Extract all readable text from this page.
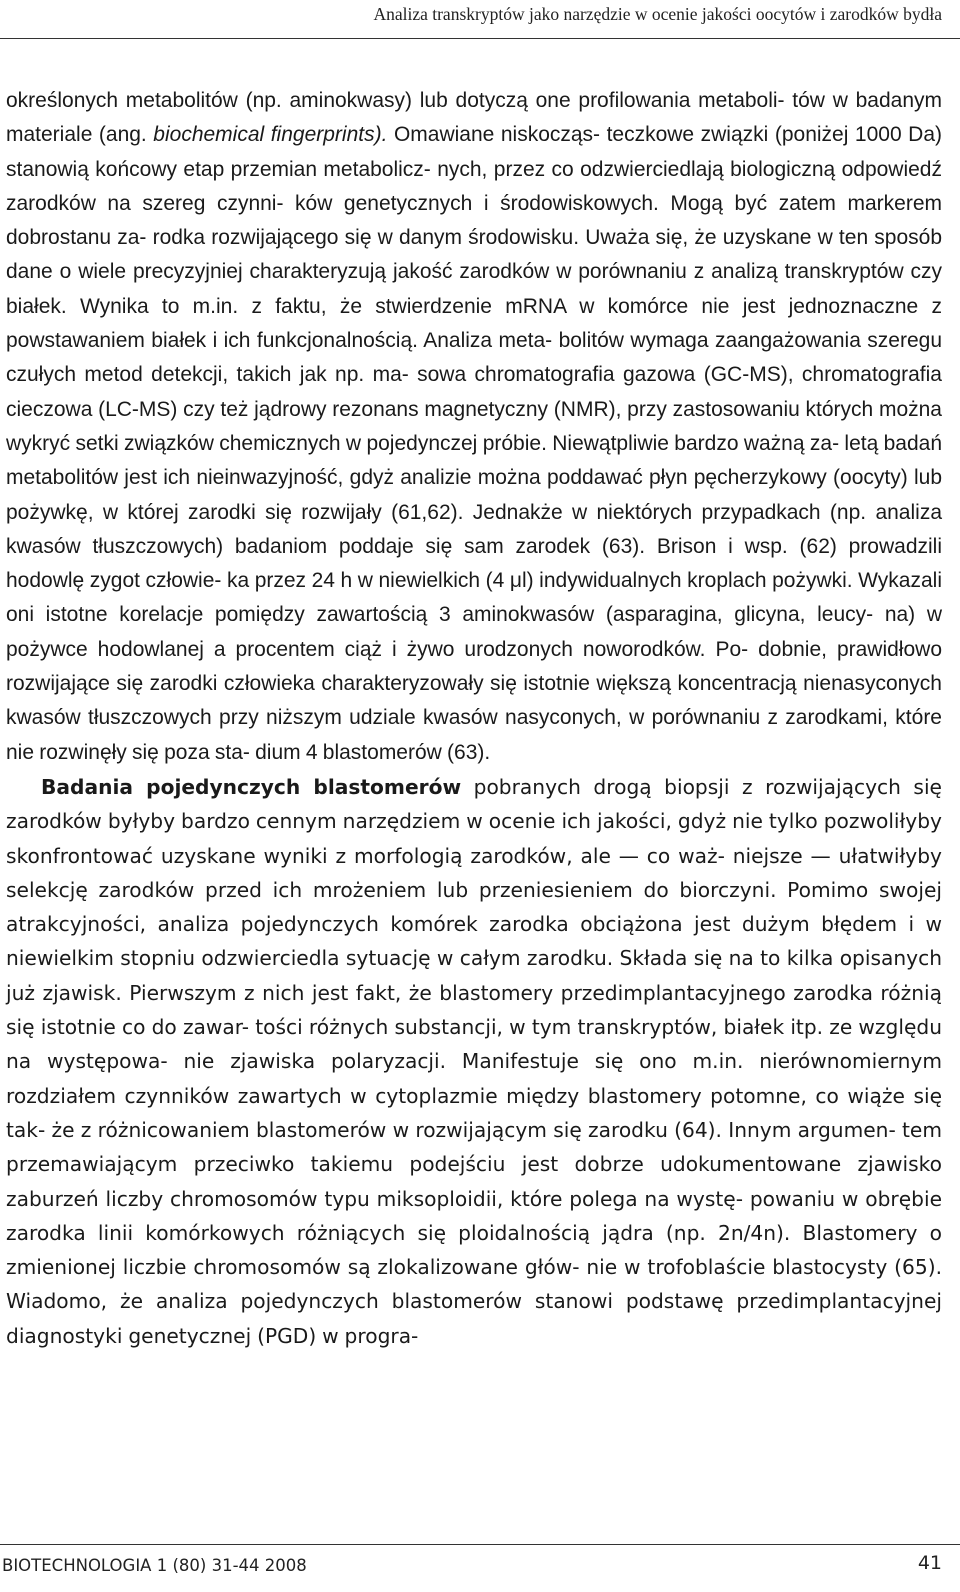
Analiza transkryptów jako narzędzie w ocenie jakości oocytów i zarodków bydła

określonych metabolitów (np. aminokwasy) lub dotyczą one profilowania metaboli- tów w badanym materiale (ang. biochemical fingerprints). Omawiane niskocząs- teczkowe związki (poniżej 1000 Da) stanowią końcowy etap przemian metabolicz- nych, przez co odzwierciedlają biologiczną odpowiedź zarodków na szereg czynni- ków genetycznych i środowiskowych. Mogą być zatem markerem dobrostanu za- rodka rozwijającego się w danym środowisku. Uważa się, że uzyskane w ten sposób dane o wiele precyzyjniej charakteryzują jakość zarodków w porównaniu z analizą transkryptów czy białek. Wynika to m.in. z faktu, że stwierdzenie mRNA w komórce nie jest jednoznaczne z powstawaniem białek i ich funkcjonalnością. Analiza meta- bolitów wymaga zaangażowania szeregu czułych metod detekcji, takich jak np. ma- sowa chromatografia gazowa (GC-MS), chromatografia cieczowa (LC-MS) czy też jądrowy rezonans magnetyczny (NMR), przy zastosowaniu których można wykryć setki związków chemicznych w pojedynczej próbie. Niewątpliwie bardzo ważną za- letą badań metabolitów jest ich nieinwazyjność, gdyż analizie można poddawać płyn pęcherzykowy (oocyty) lub pożywkę, w której zarodki się rozwijały (61,62). Jednakże w niektórych przypadkach (np. analiza kwasów tłuszczowych) badaniom poddaje się sam zarodek (63). Brison i wsp. (62) prowadzili hodowlę zygot człowie- ka przez 24 h w niewielkich (4 μl) indywidualnych kroplach pożywki. Wykazali oni istotne korelacje pomiędzy zawartością 3 aminokwasów (asparagina, glicyna, leucy- na) w pożywce hodowlanej a procentem ciąż i żywo urodzonych noworodków. Po- dobnie, prawidłowo rozwijające się zarodki człowieka charakteryzowały się istotnie większą koncentracją nienasyconych kwasów tłuszczowych przy niższym udziale kwasów nasyconych, w porównaniu z zarodkami, które nie rozwinęły się poza sta- dium 4 blastomerów (63).

Badania pojedynczych blastomerów pobranych drogą biopsji z rozwijających się zarodków byłyby bardzo cennym narzędziem w ocenie ich jakości, gdyż nie tylko pozwoliłyby skonfrontować uzyskane wyniki z morfologią zarodków, ale — co waż- niejsze — ułatwiłyby selekcję zarodków przed ich mrożeniem lub przeniesieniem do biorczyni. Pomimo swojej atrakcyjności, analiza pojedynczych komórek zarodka obciążona jest dużym błędem i w niewielkim stopniu odzwierciedla sytuację w całym zarodku. Składa się na to kilka opisanych już zjawisk. Pierwszym z nich jest fakt, że blastomery przedimplantacyjnego zarodka różnią się istotnie co do zawar- tości różnych substancji, w tym transkryptów, białek itp. ze względu na występowa- nie zjawiska polaryzacji. Manifestuje się ono m.in. nierównomiernym rozdziałem czynników zawartych w cytoplazmie między blastomery potomne, co wiąże się tak- że z różnicowaniem blastomerów w rozwijającym się zarodku (64). Innym argumen- tem przemawiającym przeciwko takiemu podejściu jest dobrze udokumentowane zjawisko zaburzeń liczby chromosomów typu miksoploidii, które polega na wystę- powaniu w obrębie zarodka linii komórkowych różniących się ploidalnością jądra (np. 2n/4n). Blastomery o zmienionej liczbie chromosomów są zlokalizowane głów- nie w trofoblaście blastocysty (65). Wiadomo, że analiza pojedynczych blastomerów stanowi podstawę przedimplantacyjnej diagnostyki genetycznej (PGD) w progra-

BIOTECHNOLOGIA 1 (80) 31-44 2008	41
